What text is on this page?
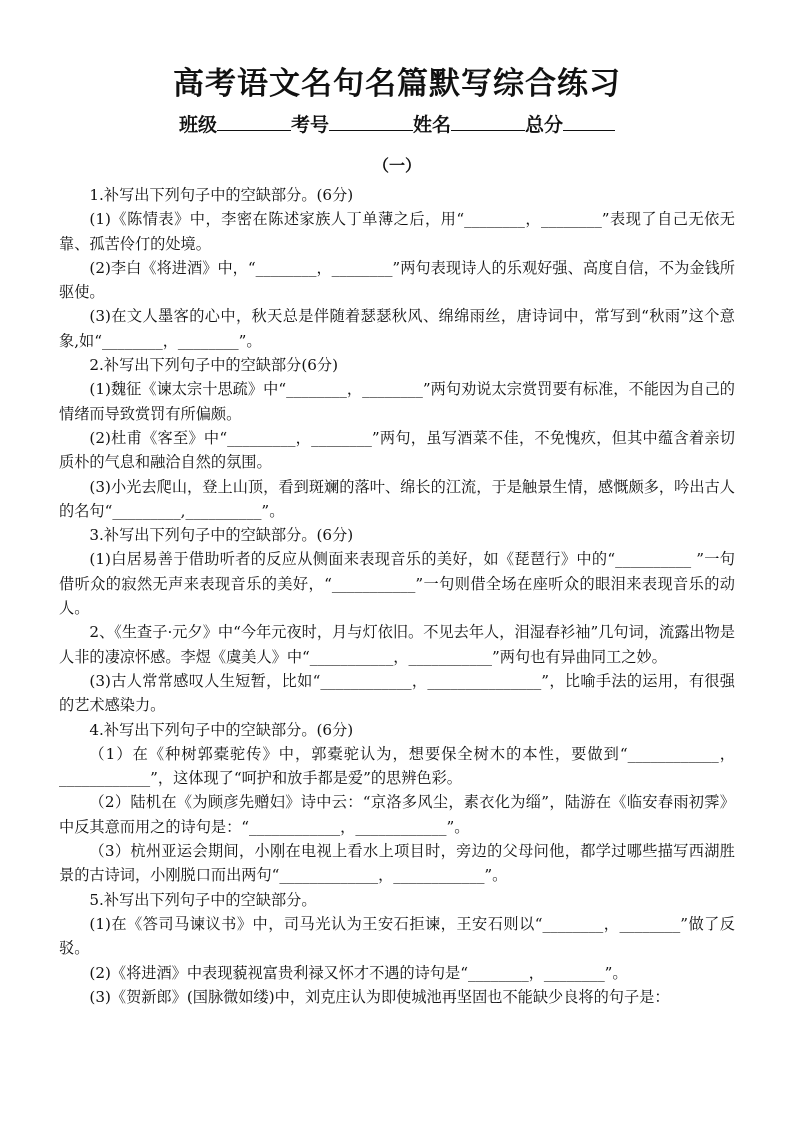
高考语文名句名篇默写综合练习
班级	考号	姓名	总分
（一）

1.补写出下列句子中的空缺部分。(6分)

(1)《陈情表》中，李密在陈述家族人丁单薄之后，用“________，________”表现了自己无依无靠、孤苦伶仃的处境。

(2)李白《将进酒》中，“________，________”两句表现诗人的乐观好强、高度自信，不为金钱所驱使。

(3)在文人墨客的心中，秋天总是伴随着瑟瑟秋风、绵绵雨丝，唐诗词中，常写到“秋雨”这个意象,如“________，________”。

2.补写出下列句子中的空缺部分(6分)

(1)魏征《谏太宗十思疏》中“________，________”两句劝说太宗赏罚要有标准，不能因为自己的情绪而导致赏罚有所偏颇。

(2)杜甫《客至》中“_________，________”两句，虽写酒菜不佳，不免愧疚，但其中蕴含着亲切质朴的气息和融洽自然的氛围。

(3)小光去爬山，登上山顶，看到斑斓的落叶、绵长的江流，于是触景生情，感慨颇多，吟出古人的名句“_________,__________”。

3.补写出下列句子中的空缺部分。(6分)

(1)白居易善于借助听者的反应从侧面来表现音乐的美好，如《琵琶行》中的“__________ ”一句借听众的寂然无声来表现音乐的美好，“___________”一句则借全场在座听众的眼泪来表现音乐的动人。

2、《生查子·元夕》中“今年元夜时，月与灯依旧。不见去年人，泪湿春衫袖”几句词，流露出物是人非的凄凉怀感。李煜《虞美人》中“___________，___________”两句也有异曲同工之妙。

(3)古人常常感叹人生短暂，比如“____________，_______________”，比喻手法的运用，有很强的艺术感染力。

4.补写出下列句子中的空缺部分。(6分)

（1）在《种树郭橐驼传》中，郭橐驼认为，想要保全树木的本性，要做到“____________，____________”，这体现了“呵护和放手都是爱”的思辨色彩。

（2）陆机在《为顾彦先赠妇》诗中云：“京洛多风尘，素衣化为缁”，陆游在《临安春雨初霁》中反其意而用之的诗句是：“____________，____________”。

（3）杭州亚运会期间，小刚在电视上看水上项目时，旁边的父母问他，都学过哪些描写西湖胜景的古诗词，小刚脱口而出两句“_____________，____________”。

5.补写出下列句子中的空缺部分。

(1)在《答司马谏议书》中，司马光认为王安石拒谏，王安石则以“________，________”做了反驳。

(2)《将进酒》中表现藐视富贵利禄又怀才不遇的诗句是“________，________”。

(3)《贺新郎》(国脉微如缕)中，刘克庄认为即使城池再坚固也不能缺少良将的句子是：
